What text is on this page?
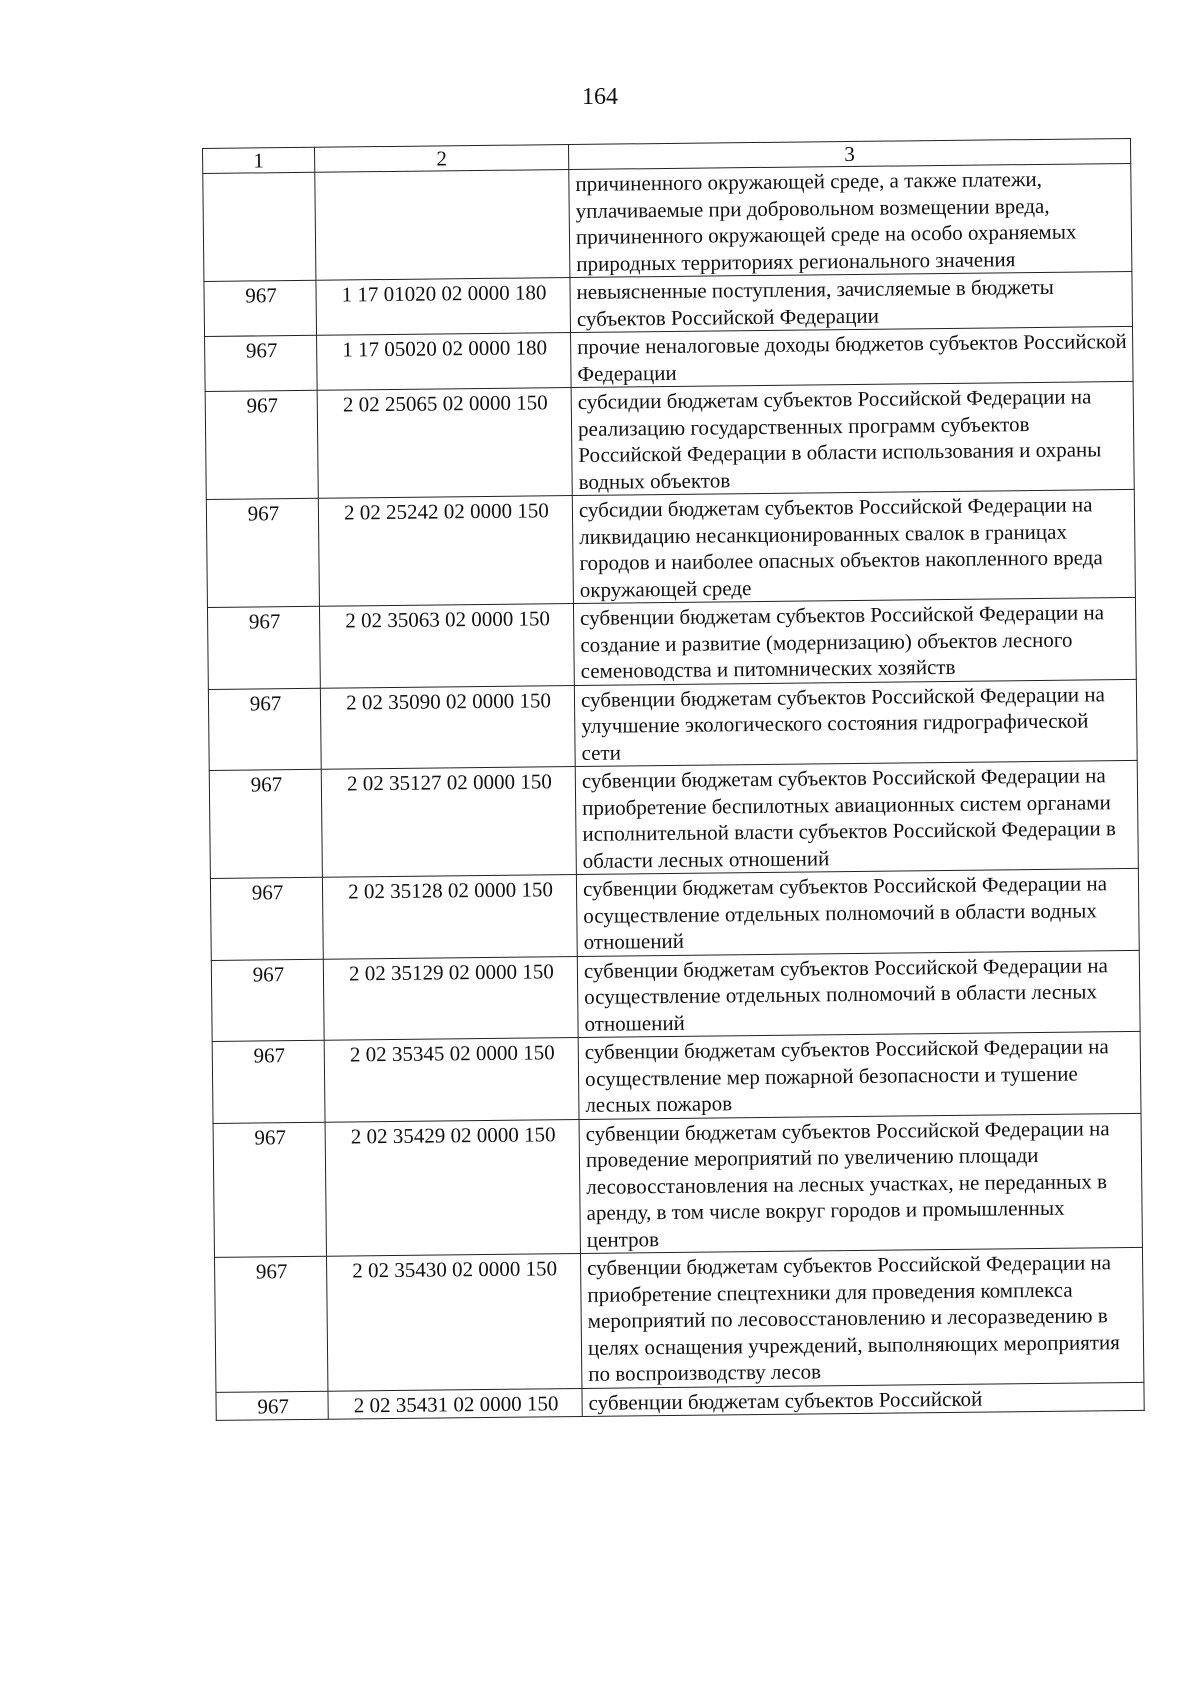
164
1	2	3
		причиненного окружающей среде, а также платежи, уплачиваемые при добровольном возмещении вреда, причиненного окружающей среде на особо охраняемых природных территориях регионального значения
967	1 17 01020 02 0000 180	невыясненные поступления, зачисляемые в бюджеты субъектов Российской Федерации
967	1 17 05020 02 0000 180	прочие неналоговые доходы бюджетов субъектов Российской Федерации
967	2 02 25065 02 0000 150	субсидии бюджетам субъектов Российской Федерации на реализацию государственных программ субъектов Российской Федерации в области использования и охраны водных объектов
967	2 02 25242 02 0000 150	субсидии бюджетам субъектов Российской Федерации на ликвидацию несанкционированных свалок в границах городов и наиболее опасных объектов накопленного вреда окружающей среде
967	2 02 35063 02 0000 150	субвенции бюджетам субъектов Российской Федерации на создание и развитие (модернизацию) объектов лесного семеноводства и питомнических хозяйств
967	2 02 35090 02 0000 150	субвенции бюджетам субъектов Российской Федерации на улучшение экологического состояния гидрографической сети
967	2 02 35127 02 0000 150	субвенции бюджетам субъектов Российской Федерации на приобретение беспилотных авиационных систем органами исполнительной власти субъектов Российской Федерации в области лесных отношений
967	2 02 35128 02 0000 150	субвенции бюджетам субъектов Российской Федерации на осуществление отдельных полномочий в области водных отношений
967	2 02 35129 02 0000 150	субвенции бюджетам субъектов Российской Федерации на осуществление отдельных полномочий в области лесных отношений
967	2 02 35345 02 0000 150	субвенции бюджетам субъектов Российской Федерации на осуществление мер пожарной безопасности и тушение лесных пожаров
967	2 02 35429 02 0000 150	субвенции бюджетам субъектов Российской Федерации на проведение мероприятий по увеличению площади лесовосстановления на лесных участках, не переданных в аренду, в том числе вокруг городов и промышленных центров
967	2 02 35430 02 0000 150	субвенции бюджетам субъектов Российской Федерации на приобретение спецтехники для проведения комплекса мероприятий по лесовосстановлению и лесоразведению в целях оснащения учреждений, выполняющих мероприятия по воспроизводству лесов
967	2 02 35431 02 0000 150	субвенции бюджетам субъектов Российской
